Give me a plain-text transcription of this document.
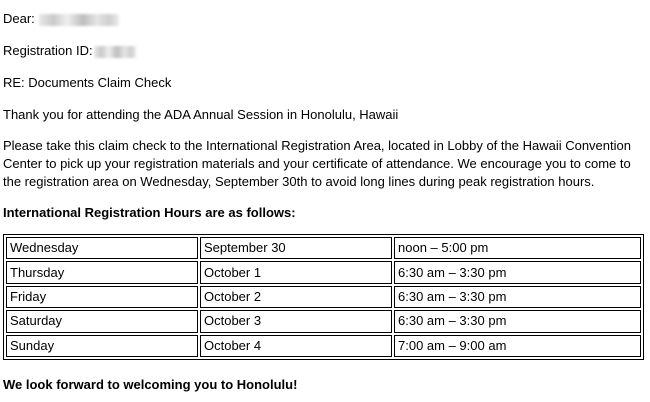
Dear:
Registration ID:
RE: Documents Claim Check
Thank you for attending the ADA Annual Session in Honolulu, Hawaii
Please take this claim check to the International Registration Area, located in Lobby of the Hawaii Convention Center to pick up your registration materials and your certificate of attendance. We encourage you to come to the registration area on Wednesday, September 30th to avoid long lines during peak registration hours.
International Registration Hours are as follows:
Wednesday	September 30	noon – 5:00 pm
Thursday	October 1	6:30 am – 3:30 pm
Friday	October 2	6:30 am – 3:30 pm
Saturday	October 3	6:30 am – 3:30 pm
Sunday	October 4	7:00 am – 9:00 am
We look forward to welcoming you to Honolulu!
